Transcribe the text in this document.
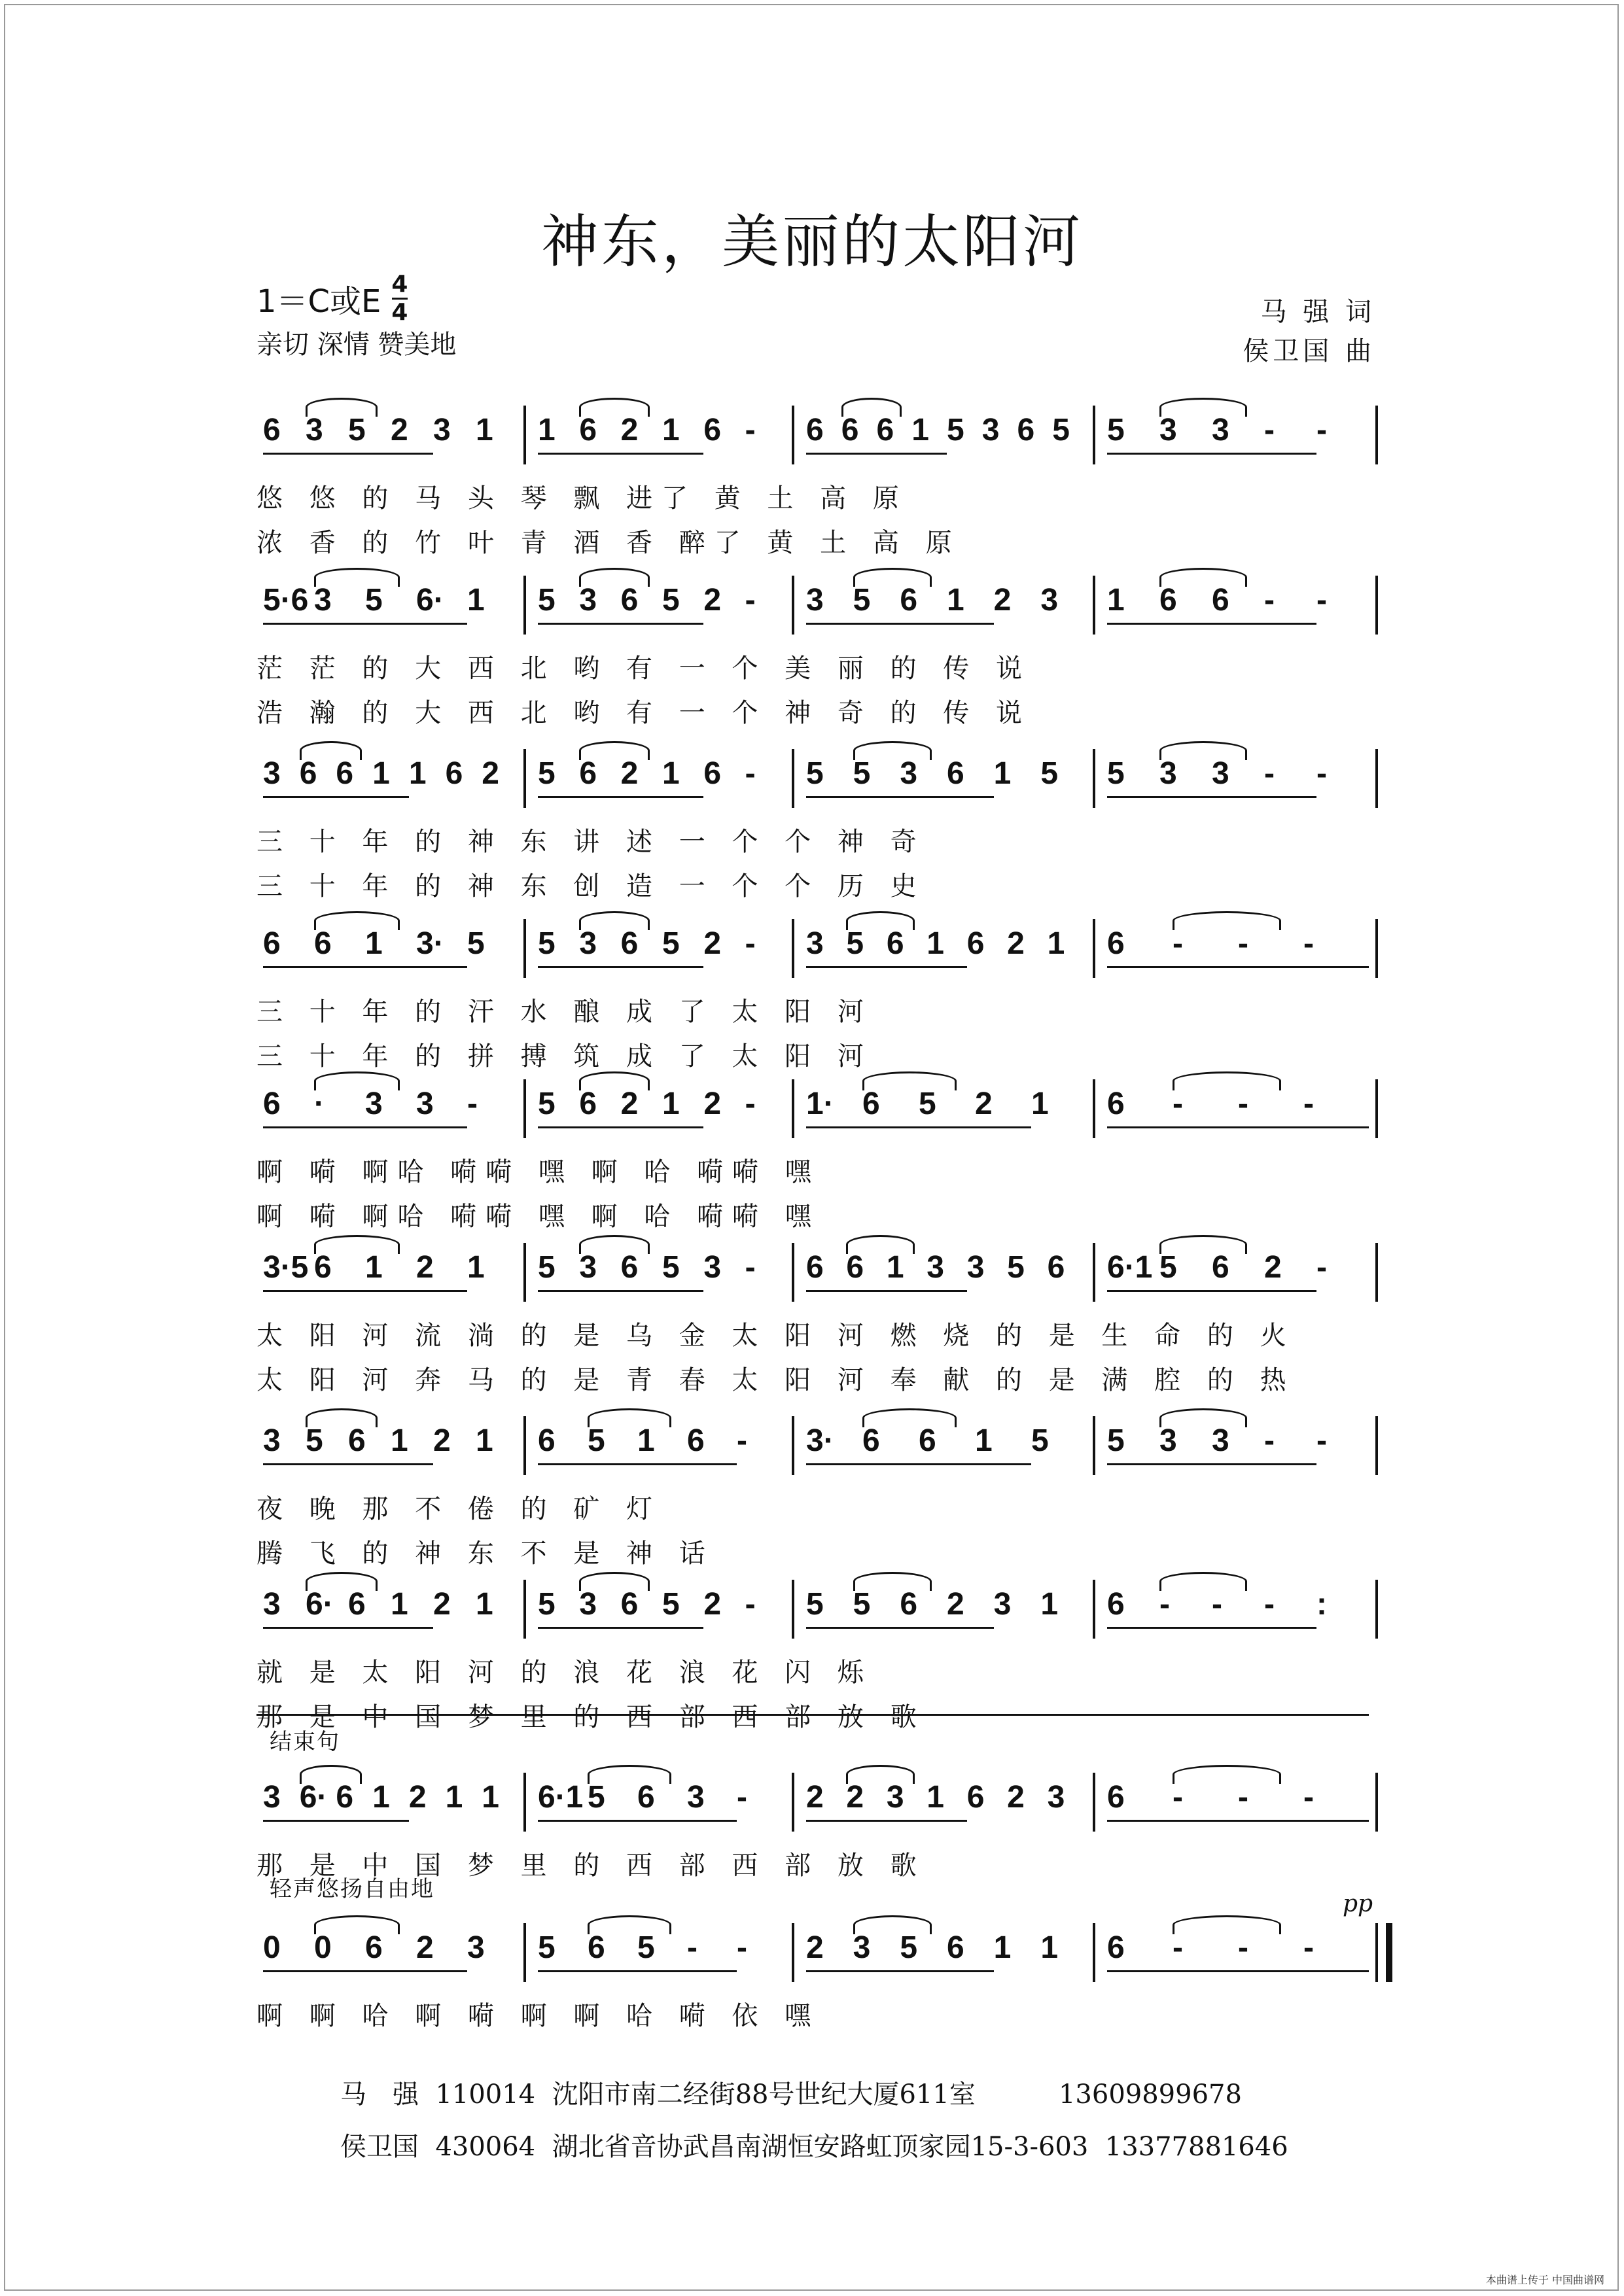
神东，美丽的太阳河
1＝C或E $\frac{4}{4}$
亲切 深情 赞美地
马 强 词
侯卫国 曲
6 3 5 2 3 1 1 6 2 1 6 - 6 6 6 1 5 3 6 5 5 3 3 - -
悠 悠 的 马 头 琴 飘 进了 黄 土 高 原
浓 香 的 竹 叶 青 酒 香 醉了 黄 土 高 原
5·6 3 5 6· 1 5 3 6 5 2 - 3 5 6 1 2 3 1 6 6 - -
茫 茫 的 大 西 北 哟 有 一 个 美 丽 的 传 说
浩 瀚 的 大 西 北 哟 有 一 个 神 奇 的 传 说
3 6 6 1 1 6 2 5 6 2 1 6 - 5 5 3 6 1 5 5 3 3 - -
三 十 年 的 神 东 讲 述 一 个 个 神 奇
三 十 年 的 神 东 创 造 一 个 个 历 史
6 6 1 3· 5 5 3 6 5 2 - 3 5 6 1 6 2 1 6 - - -
三 十 年 的 汗 水 酿 成 了 太 阳 河
三 十 年 的 拼 搏 筑 成 了 太 阳 河
6 · 3 3 - 5 6 2 1 2 - 1· 6 5 2 1 6 - - -
啊 嗬 啊哈 嗬嗬 嘿 啊 哈 嗬嗬 嘿
啊 嗬 啊哈 嗬嗬 嘿 啊 哈 嗬嗬 嘿
3·5 6 1 2 1 5 3 6 5 3 - 6 6 1 3 3 5 6 6·1 5 6 2 -
太 阳 河 流 淌 的 是 乌 金 太 阳 河 燃 烧 的 是 生 命 的 火
太 阳 河 奔 马 的 是 青 春 太 阳 河 奉 献 的 是 满 腔 的 热
3 5 6 1 2 1 6 5 1 6 - 3· 6 6 1 5 5 3 3 - -
夜 晚 那 不 倦 的 矿 灯
腾 飞 的 神 东 不 是 神 话
3 6· 6 1 2 1 5 3 6 5 2 - 5 5 6 2 3 1 6 - - - :
就 是 太 阳 河 的 浪 花 浪 花 闪 烁
那 是 中 国 梦 里 的 西 部 西 部 放 歌
结束句
3 6· 6 1 2 1 1 6·1 5 6 3 - 2 2 3 1 6 2 3 6 - - -
那 是 中 国 梦 里 的 西 部 西 部 放 歌
轻声悠扬自由地
0 0 6 2 3 5 6 5 - - 2 3 5 6 1 1 6 - - -
pp
啊 啊 哈 啊 嗬 啊 啊 哈 嗬 依 嘿
马　强 110014 沈阳市南二经街88号世纪大厦611室	13609899678
侯卫国 430064 湖北省音协武昌南湖恒安路虹顶家园15-3-603 13377881646
本曲谱上传于 中国曲谱网
